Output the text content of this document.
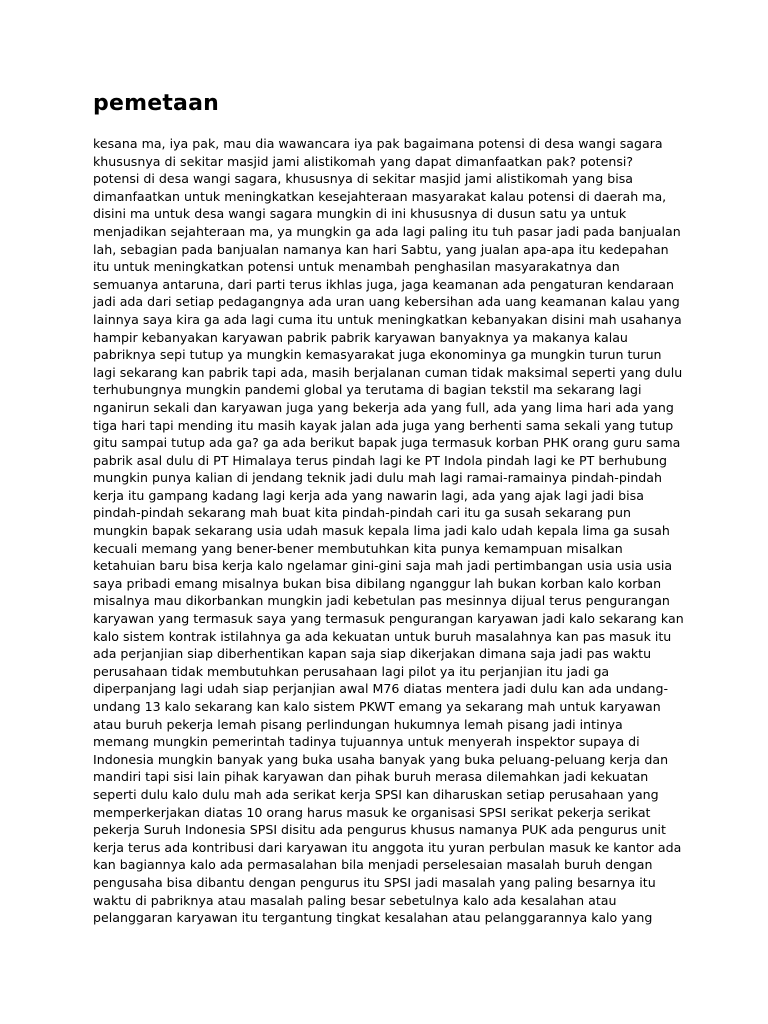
pemetaan
kesana ma, iya pak, mau dia wawancara iya pak bagaimana potensi di desa wangi sagara
khususnya di sekitar masjid jami alistikomah yang dapat dimanfaatkan pak? potensi?
potensi di desa wangi sagara, khususnya di sekitar masjid jami alistikomah yang bisa
dimanfaatkan untuk meningkatkan kesejahteraan masyarakat kalau potensi di daerah ma,
disini ma untuk desa wangi sagara mungkin di ini khususnya di dusun satu ya untuk
menjadikan sejahteraan ma, ya mungkin ga ada lagi paling itu tuh pasar jadi pada banjualan
lah, sebagian pada banjualan namanya kan hari Sabtu, yang jualan apa-apa itu kedepahan
itu untuk meningkatkan potensi untuk menambah penghasilan masyarakatnya dan
semuanya antaruna, dari parti terus ikhlas juga, jaga keamanan ada pengaturan kendaraan
jadi ada dari setiap pedagangnya ada uran uang kebersihan ada uang keamanan kalau yang
lainnya saya kira ga ada lagi cuma itu untuk meningkatkan kebanyakan disini mah usahanya
hampir kebanyakan karyawan pabrik pabrik karyawan banyaknya ya makanya kalau
pabriknya sepi tutup ya mungkin kemasyarakat juga ekonominya ga mungkin turun turun
lagi sekarang kan pabrik tapi ada, masih berjalanan cuman tidak maksimal seperti yang dulu
terhubungnya mungkin pandemi global ya terutama di bagian tekstil ma sekarang lagi
nganirun sekali dan karyawan juga yang bekerja ada yang full, ada yang lima hari ada yang
tiga hari tapi mending itu masih kayak jalan ada juga yang berhenti sama sekali yang tutup
gitu sampai tutup ada ga? ga ada berikut bapak juga termasuk korban PHK orang guru sama
pabrik asal dulu di PT Himalaya terus pindah lagi ke PT Indola pindah lagi ke PT berhubung
mungkin punya kalian di jendang teknik jadi dulu mah lagi ramai-ramainya pindah-pindah
kerja itu gampang kadang lagi kerja ada yang nawarin lagi, ada yang ajak lagi jadi bisa
pindah-pindah sekarang mah buat kita pindah-pindah cari itu ga susah sekarang pun
mungkin bapak sekarang usia udah masuk kepala lima jadi kalo udah kepala lima ga susah
kecuali memang yang bener-bener membutuhkan kita punya kemampuan misalkan
ketahuian baru bisa kerja kalo ngelamar gini-gini saja mah jadi pertimbangan usia usia usia
saya pribadi emang misalnya bukan bisa dibilang nganggur lah bukan korban kalo korban
misalnya mau dikorbankan mungkin jadi kebetulan pas mesinnya dijual terus pengurangan
karyawan yang termasuk saya yang termasuk pengurangan karyawan jadi kalo sekarang kan
kalo sistem kontrak istilahnya ga ada kekuatan untuk buruh masalahnya kan pas masuk itu
ada perjanjian siap diberhentikan kapan saja siap dikerjakan dimana saja jadi pas waktu
perusahaan tidak membutuhkan perusahaan lagi pilot ya itu perjanjian itu jadi ga
diperpanjang lagi udah siap perjanjian awal M76 diatas mentera jadi dulu kan ada undang-
undang 13 kalo sekarang kan kalo sistem PKWT emang ya sekarang mah untuk karyawan
atau buruh pekerja lemah pisang perlindungan hukumnya lemah pisang jadi intinya
memang mungkin pemerintah tadinya tujuannya untuk menyerah inspektor supaya di
Indonesia mungkin banyak yang buka usaha banyak yang buka peluang-peluang kerja dan
mandiri tapi sisi lain pihak karyawan dan pihak buruh merasa dilemahkan jadi kekuatan
seperti dulu kalo dulu mah ada serikat kerja SPSI kan diharuskan setiap perusahaan yang
memperkerjakan diatas 10 orang harus masuk ke organisasi SPSI serikat pekerja serikat
pekerja Suruh Indonesia SPSI disitu ada pengurus khusus namanya PUK ada pengurus unit
kerja terus ada kontribusi dari karyawan itu anggota itu yuran perbulan masuk ke kantor ada
kan bagiannya kalo ada permasalahan bila menjadi perselesaian masalah buruh dengan
pengusaha bisa dibantu dengan pengurus itu SPSI jadi masalah yang paling besarnya itu
waktu di pabriknya atau masalah paling besar sebetulnya kalo ada kesalahan atau
pelanggaran karyawan itu tergantung tingkat kesalahan atau pelanggarannya kalo yang
